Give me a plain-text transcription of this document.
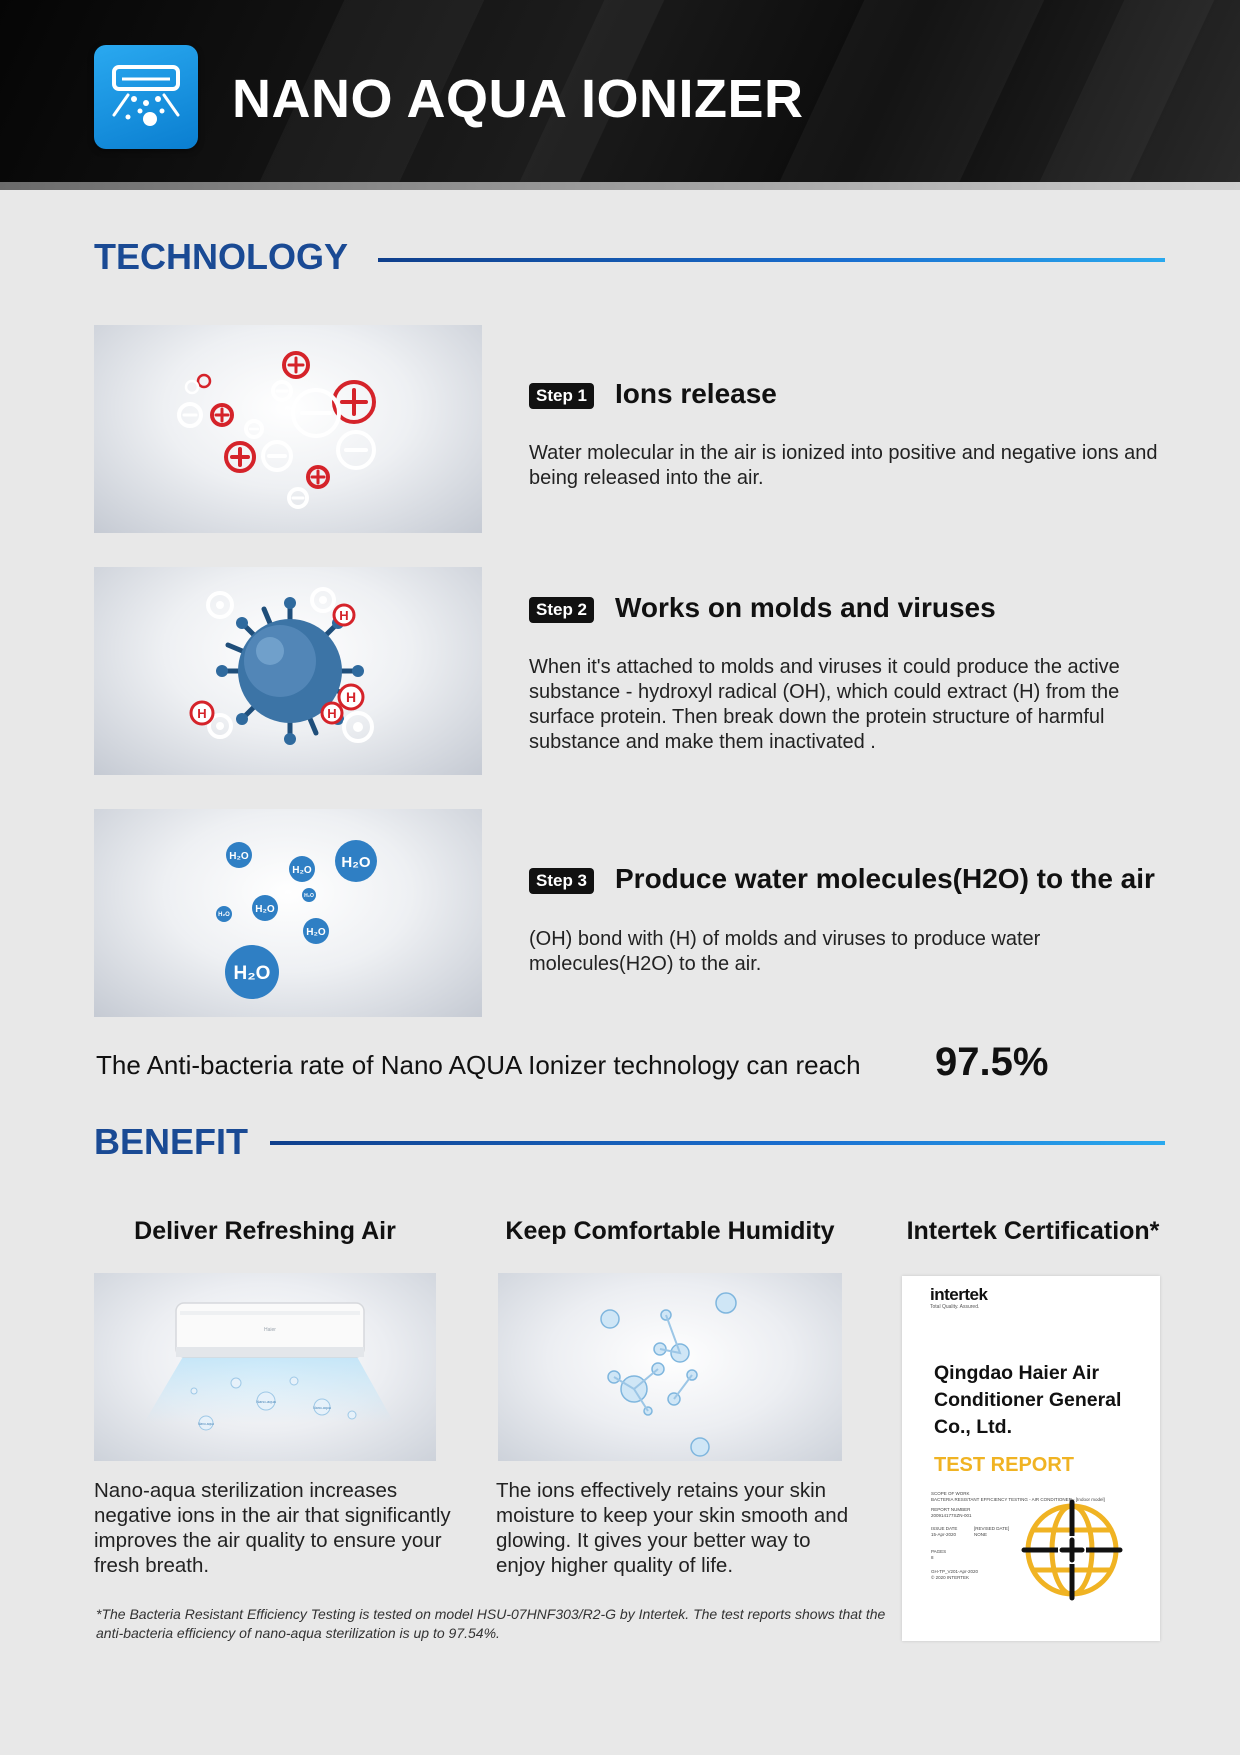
NANO AQUA IONIZER
TECHNOLOGY
Step 1 Ions release
Water molecular in the air is ionized into positive and negative ions and being released into the air.
H
H
H
H
Step 2 Works on molds and viruses
When it's attached to molds and viruses it could produce the active substance - hydroxyl radical (OH), which could extract (H) from the surface protein. Then break down the protein structure of harmful substance and make them inactivated .
H₂O
H₂O H₂O
H₂O
H₂O
H₂O
H₂O
H₂O
Step 3 Produce water molecules(H2O) to the air
(OH) bond with (H) of molds and viruses to produce water molecules(H2O) to the air.
The Anti-bacteria rate of Nano AQUA Ionizer technology can reach 97.5%
BENEFIT
Deliver Refreshing Air
Haier
Nano-aqua
Nano-aqua
Nano-aqua
Nano-aqua sterilization increases negative ions in the air that significantly improves the air quality to ensure your fresh breath.
Keep Comfortable Humidity
The ions effectively retains your skin moisture to keep your skin smooth and glowing. It gives your better way to enjoy higher quality of life.
Intertek Certification*
intertek
Total Quality. Assured.
Qingdao Haier Air Conditioner General Co., Ltd.
TEST REPORT
SCOPE OF WORK
BACTERIA RESISTANT EFFICIENCY TESTING - AIR CONDITIONER - [Indoor model]
REPORT NUMBER
200914177SZN-001
ISSUE DATE
15-Apr-2020
[REVISED DATE]
NONE
PAGES
8
GH-TP_V201-Apr-2020
© 2020 INTERTEK
*The Bacteria Resistant Efficiency Testing is tested on model HSU-07HNF303/R2-G by Intertek. The test reports shows that the anti-bacteria efficiency of nano-aqua sterilization is up to 97.54%.
